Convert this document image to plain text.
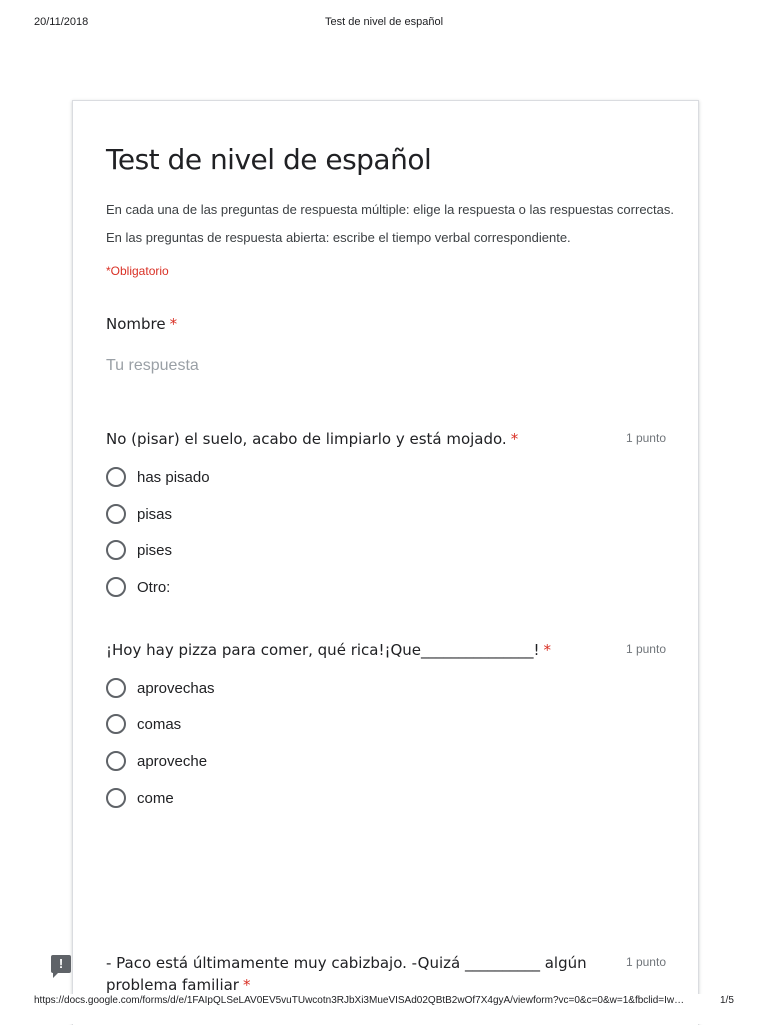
20/11/2018	Test de nivel de español
Test de nivel de español
En cada una de las preguntas de respuesta múltiple: elige la respuesta o las respuestas correctas.
En las preguntas de respuesta abierta: escribe el tiempo verbal correspondiente.
*Obligatorio
Nombre *
Tu respuesta
No (pisar) el suelo, acabo de limpiarlo y está mojado. *	1 punto
has pisado
pisas
pises
Otro:
¡Hoy hay pizza para comer, qué rica!¡Que_______________! *	1 punto
aprovechas
comas
aproveche
come
- Paco está últimamente muy cabizbajo. -Quizá __________ algún
problema familiar *
1 punto
!
https://docs.google.com/forms/d/e/1FAIpQLSeLAV0EV5vuTUwcotn3RJbXi3MueVISAd02QBtB2wOf7X4gyA/viewform?vc=0&c=0&w=1&fbclid=Iw…	1/5
